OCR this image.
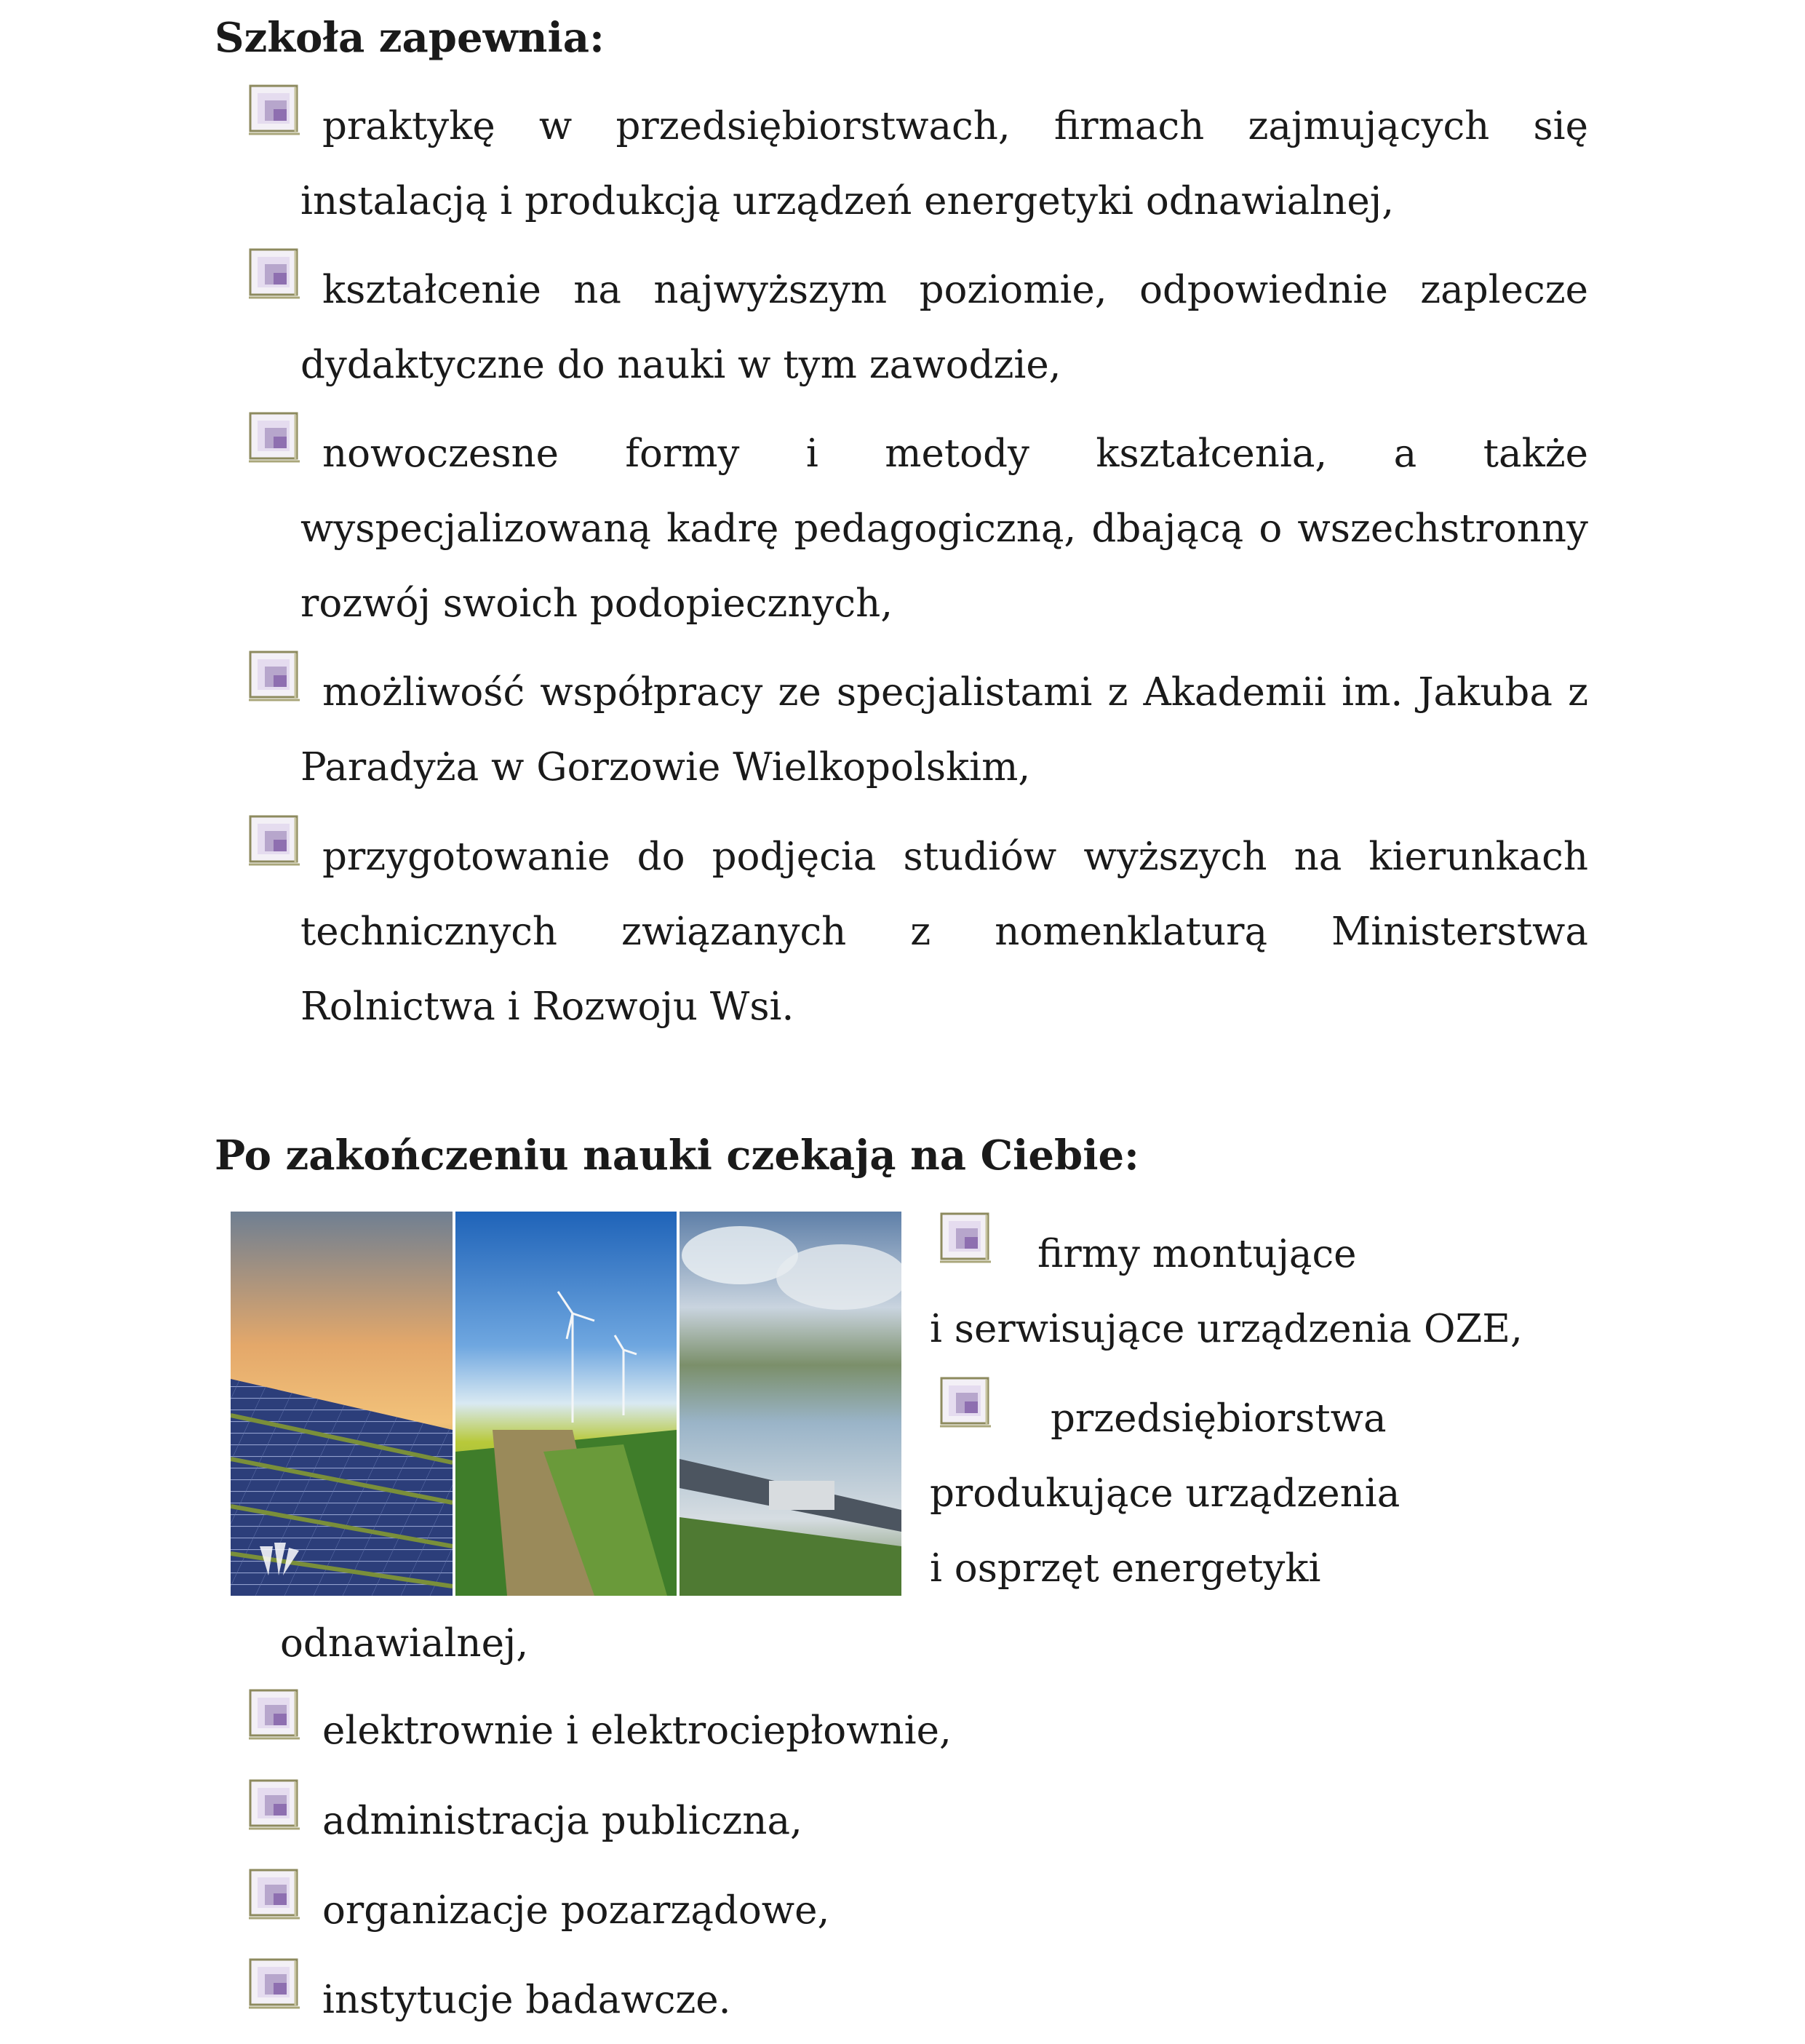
Szkoła zapewnia:

praktykę w przedsiębiorstwach, firmach zajmujących się instalacją i produkcją urządzeń energetyki odnawialnej,

kształcenie na najwyższym poziomie, odpowiednie zaplecze dydaktyczne do nauki w tym zawodzie,

nowoczesne formy i metody kształcenia, a także wyspecjalizowaną kadrę pedagogiczną, dbającą o wszechstronny rozwój swoich podopiecznych,

możliwość współpracy ze specjalistami z Akademii im. Jakuba z Paradyża w Gorzowie Wielkopolskim,

przygotowanie do podjęcia studiów wyższych na kierunkach technicznych związanych z nomenklaturą Ministerstwa Rolnictwa i Rozwoju Wsi.

Po zakończeniu nauki czekają na Ciebie:

firmy montujące

i serwisujące urządzenia OZE,

przedsiębiorstwa

produkujące urządzenia

i osprzęt energetyki

odnawialnej,

elektrownie i elektrociepłownie,

administracja publiczna,

organizacje pozarządowe,

instytucje badawcze.
